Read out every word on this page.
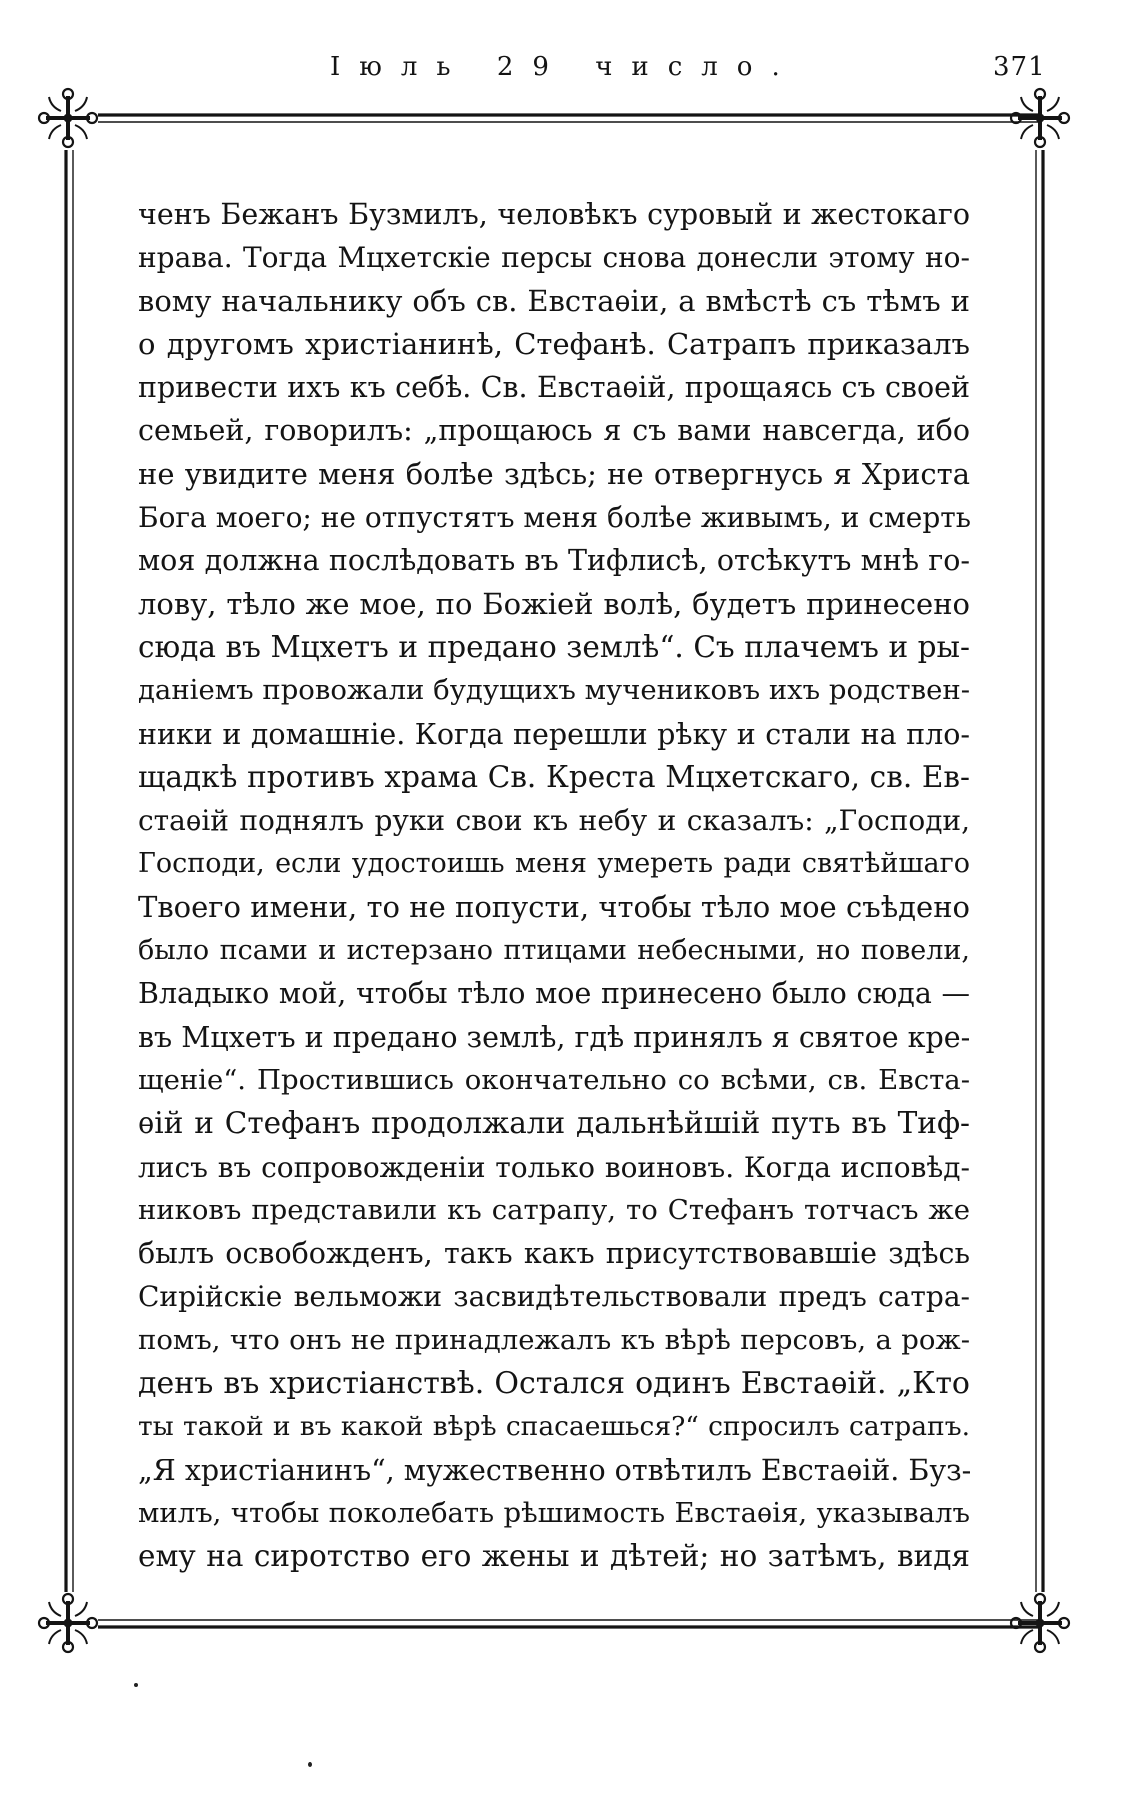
Іюль 29 число.	371
ченъ Бежанъ Бузмилъ, человѣкъ суровый и жестокаго
нрава. Тогда Мцхетскіе персы снова донесли этому но-
вому начальнику объ св. Евстаѳіи, а вмѣстѣ съ тѣмъ и
о другомъ христіанинѣ, Стефанѣ. Сатрапъ приказалъ
привести ихъ къ себѣ. Св. Евстаѳій, прощаясь съ своей
семьей, говорилъ: „прощаюсь я съ вами навсегда, ибо
не увидите меня болѣе здѣсь; не отвергнусь я Христа
Бога моего; не отпустятъ меня болѣе живымъ, и смерть
моя должна послѣдовать въ Тифлисѣ, отсѣкутъ мнѣ го-
лову, тѣло же мое, по Божіей волѣ, будетъ принесено
сюда въ Мцхетъ и предано землѣ“. Съ плачемъ и ры-
даніемъ провожали будущихъ мучениковъ ихъ родствен-
ники и домашніе. Когда перешли рѣку и стали на пло-
щадкѣ противъ храма Св. Креста Мцхетскаго, св. Ев-
стаѳій поднялъ руки свои къ небу и сказалъ: „Господи,
Господи, если удостоишь меня умереть ради святѣйшаго
Твоего имени, то не попусти, чтобы тѣло мое съѣдено
было псами и истерзано птицами небесными, но повели,
Владыко мой, чтобы тѣло мое принесено было сюда —
въ Мцхетъ и предано землѣ, гдѣ принялъ я святое кре-
щеніе“. Простившись окончательно со всѣми, св. Евста-
ѳій и Стефанъ продолжали дальнѣйшій путь въ Тиф-
лисъ въ сопровожденіи только воиновъ. Когда исповѣд-
никовъ представили къ сатрапу, то Стефанъ тотчасъ же
былъ освобожденъ, такъ какъ присутствовавшіе здѣсь
Сирійскіе вельможи засвидѣтельствовали предъ сатра-
помъ, что онъ не принадлежалъ къ вѣрѣ персовъ, а рож-
денъ въ христіанствѣ. Остался одинъ Евстаѳій. „Кто
ты такой и въ какой вѣрѣ спасаешься?“ спросилъ сатрапъ.
„Я христіанинъ“, мужественно отвѣтилъ Евстаѳій. Буз-
милъ, чтобы поколебать рѣшимость Евстаѳія, указывалъ
ему на сиротство его жены и дѣтей; но затѣмъ, видя
